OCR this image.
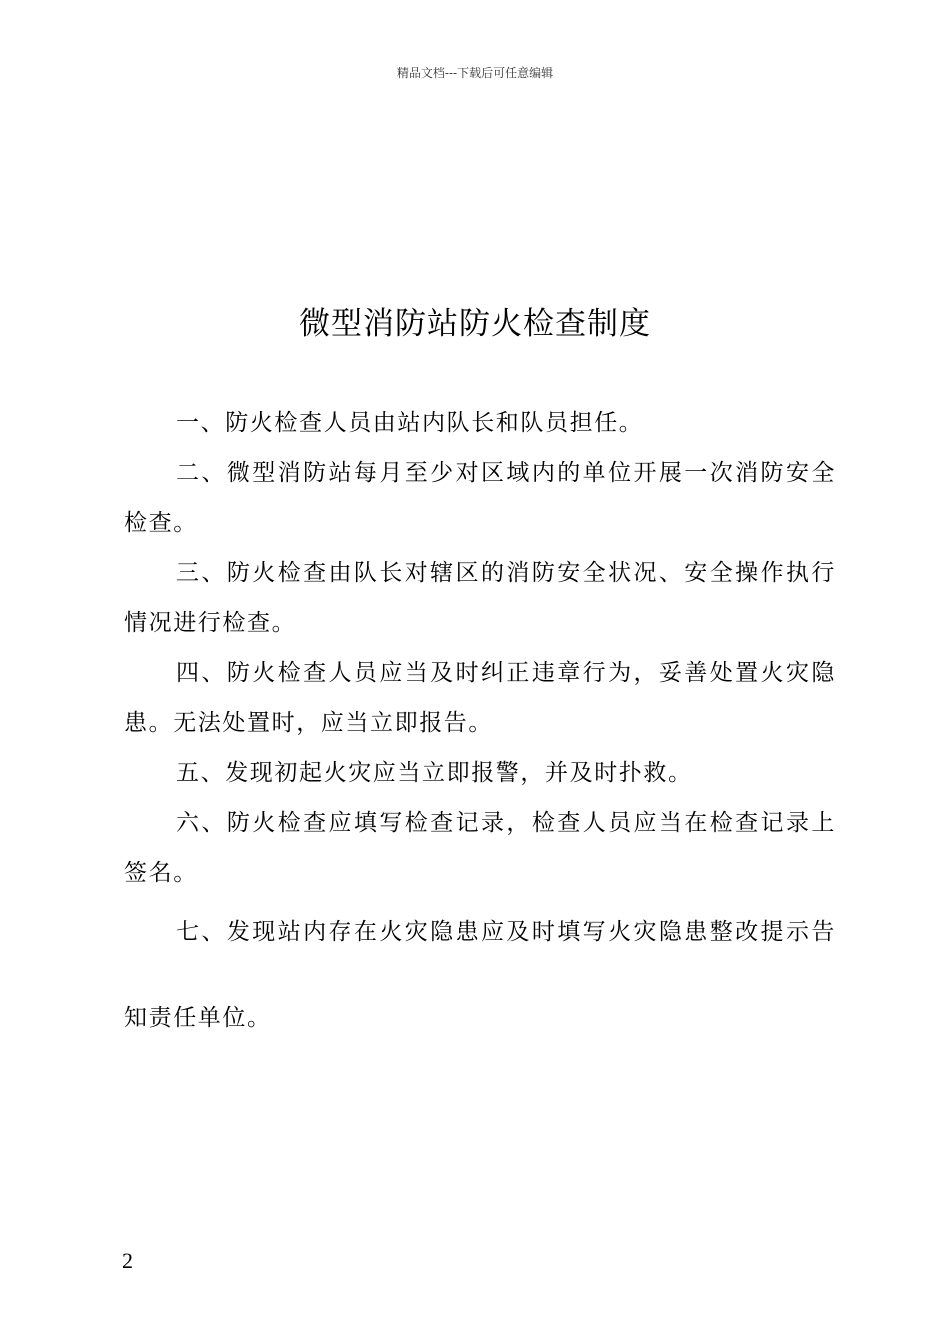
精品文档---下载后可任意编辑
微型消防站防火检查制度

一、防火检查人员由站内队长和队员担任。

二、微型消防站每月至少对区域内的单位开展一次消防安全检查。

三、防火检查由队长对辖区的消防安全状况、安全操作执行情况进行检查。

四、防火检查人员应当及时纠正违章行为，妥善处置火灾隐患。无法处置时，应当立即报告。

五、发现初起火灾应当立即报警，并及时扑救。

六、防火检查应填写检查记录，检查人员应当在检查记录上签名。

七、发现站内存在火灾隐患应及时填写火灾隐患整改提示告知责任单位。

2
